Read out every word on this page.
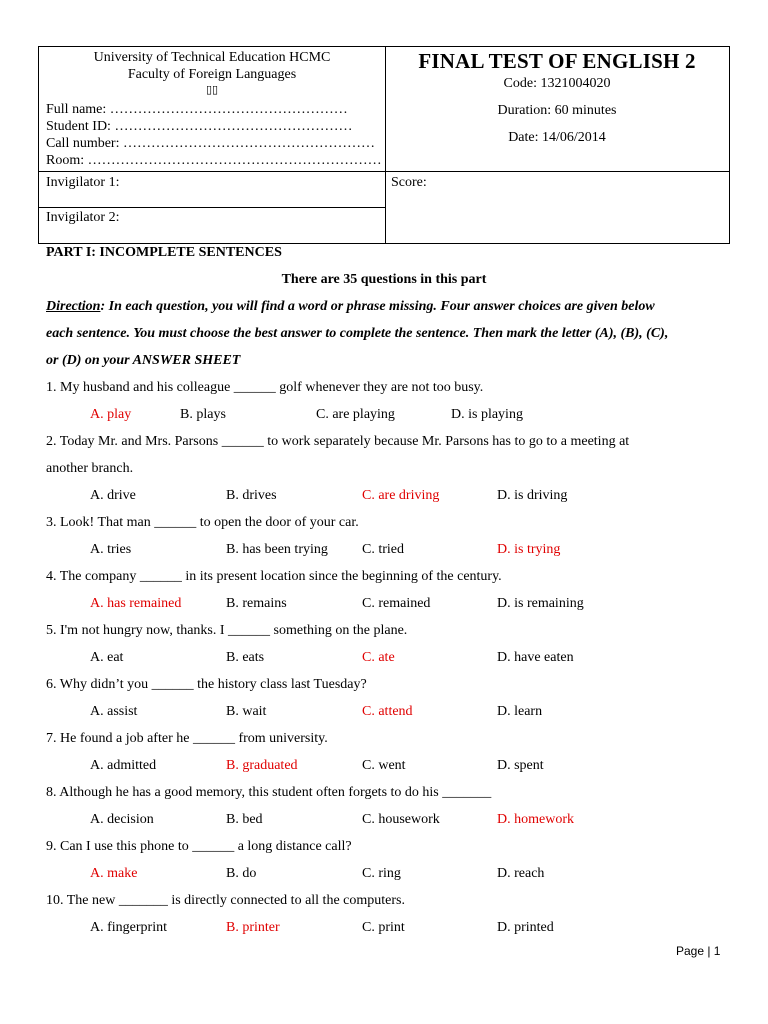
University of Technical Education HCMC
Faculty of Foreign Languages
▯▯
Full name: ……………………………………………
Student ID: ……………………………………………
Call number: ………………………………………………
Room: ………………………………………………………
Invigilator 1:
Invigilator 2:
FINAL TEST OF ENGLISH 2
Code: 1321004020
Duration: 60 minutes
Date: 14/06/2014
Score:
PART I: INCOMPLETE SENTENCES
There are 35 questions in this part
Direction: In each question, you will find a word or phrase missing. Four answer choices are given below
each sentence. You must choose the best answer to complete the sentence. Then mark the letter (A), (B), (C),
or (D) on your ANSWER SHEET
1. My husband and his colleague ______ golf whenever they are not too busy.
A. play	B. plays	C. are playing	D. is playing
2. Today Mr. and Mrs. Parsons ______ to work separately because Mr. Parsons has to go to a meeting at
another branch.
A. drive	B. drives	C. are driving	D. is driving
3. Look! That man ______ to open the door of your car.
A. tries	B. has been trying C. tried	D. is trying
4. The company ______ in its present location since the beginning of the century.
A. has remained	B. remains	C. remained	D. is remaining
5. I'm not hungry now, thanks. I ______ something on the plane.
A. eat	B. eats	C. ate	D. have eaten
6. Why didn’t you ______ the history class last Tuesday?
A. assist	B. wait	C. attend	D. learn
7. He found a job after he ______ from university.
A. admitted	B. graduated	C. went	D. spent
8. Although he has a good memory, this student often forgets to do his _______
A. decision	B. bed	C. housework	D. homework
9. Can I use this phone to ______ a long distance call?
A. make	B. do	C. ring	D. reach
10. The new _______ is directly connected to all the computers.
A. fingerprint	B. printer	C. print	D. printed
Page | 1
